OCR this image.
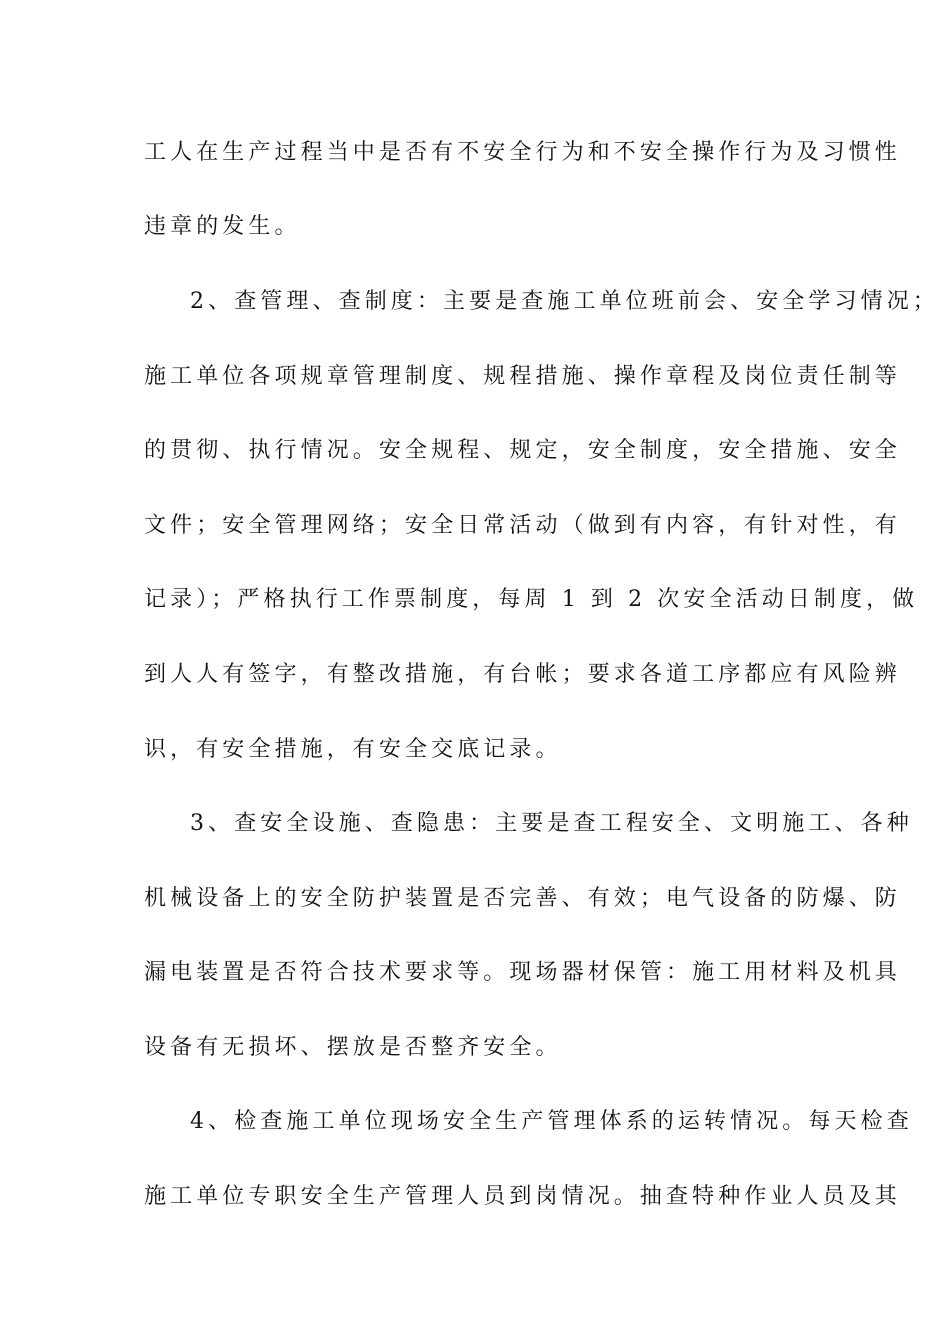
工人在生产过程当中是否有不安全行为和不安全操作行为及习惯性
违章的发生。
2、查管理、查制度：主要是查施工单位班前会、安全学习情况；
施工单位各项规章管理制度、规程措施、操作章程及岗位责任制等
的贯彻、执行情况。安全规程、规定，安全制度，安全措施、安全
文件；安全管理网络；安全日常活动（做到有内容，有针对性，有
记录）；严格执行工作票制度，每周 1 到 2 次安全活动日制度，做
到人人有签字，有整改措施，有台帐；要求各道工序都应有风险辨
识，有安全措施，有安全交底记录。
3、查安全设施、查隐患：主要是查工程安全、文明施工、各种
机械设备上的安全防护装置是否完善、有效；电气设备的防爆、防
漏电装置是否符合技术要求等。现场器材保管：施工用材料及机具
设备有无损坏、摆放是否整齐安全。
4、检查施工单位现场安全生产管理体系的运转情况。每天检查
施工单位专职安全生产管理人员到岗情况。抽查特种作业人员及其
